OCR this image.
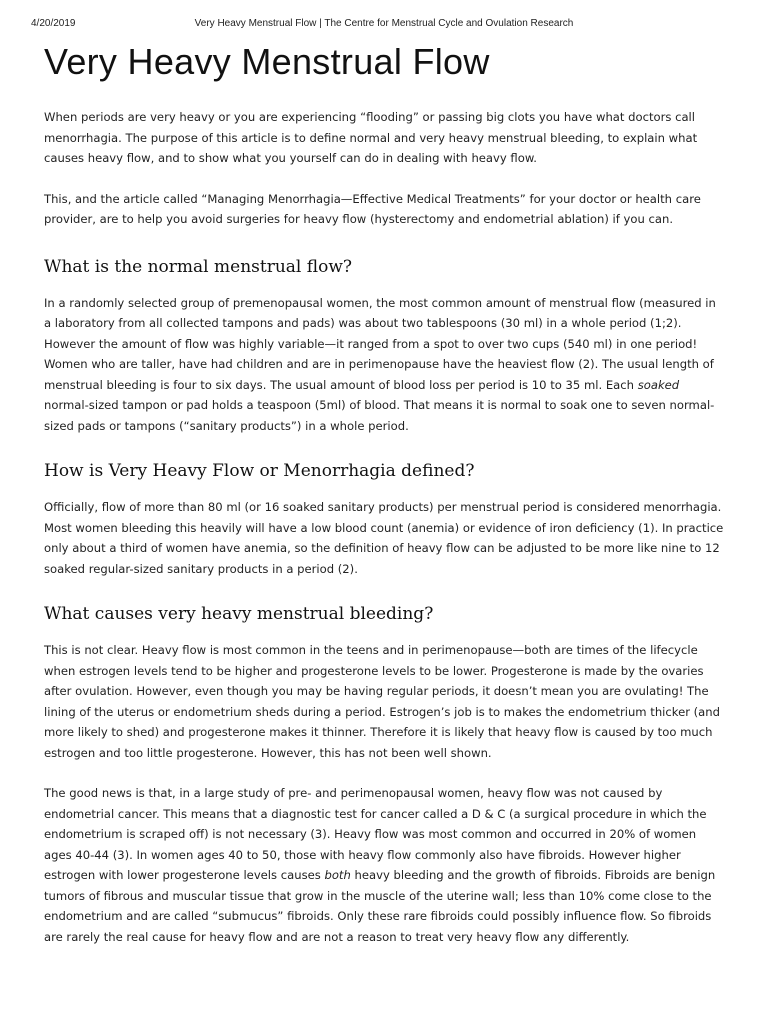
4/20/2019	Very Heavy Menstrual Flow | The Centre for Menstrual Cycle and Ovulation Research
Very Heavy Menstrual Flow

When periods are very heavy or you are experiencing “flooding” or passing big clots you have what doctors call menorrhagia. The purpose of this article is to define normal and very heavy menstrual bleeding, to explain what causes heavy flow, and to show what you yourself can do in dealing with heavy flow.

This, and the article called “Managing Menorrhagia—Effective Medical Treatments” for your doctor or health care provider, are to help you avoid surgeries for heavy flow (hysterectomy and endometrial ablation) if you can.

What is the normal menstrual flow?

In a randomly selected group of premenopausal women, the most common amount of menstrual flow (measured in a laboratory from all collected tampons and pads) was about two tablespoons (30 ml) in a whole period (1;2). However the amount of flow was highly variable—it ranged from a spot to over two cups (540 ml) in one period! Women who are taller, have had children and are in perimenopause have the heaviest flow (2). The usual length of menstrual bleeding is four to six days. The usual amount of blood loss per period is 10 to 35 ml. Each soaked normal-sized tampon or pad holds a teaspoon (5ml) of blood. That means it is normal to soak one to seven normal-sized pads or tampons (“sanitary products”) in a whole period.

How is Very Heavy Flow or Menorrhagia defined?

Officially, flow of more than 80 ml (or 16 soaked sanitary products) per menstrual period is considered menorrhagia. Most women bleeding this heavily will have a low blood count (anemia) or evidence of iron deficiency (1). In practice only about a third of women have anemia, so the definition of heavy flow can be adjusted to be more like nine to 12 soaked regular-sized sanitary products in a period (2).

What causes very heavy menstrual bleeding?

This is not clear. Heavy flow is most common in the teens and in perimenopause—both are times of the lifecycle when estrogen levels tend to be higher and progesterone levels to be lower. Progesterone is made by the ovaries after ovulation. However, even though you may be having regular periods, it doesn’t mean you are ovulating! The lining of the uterus or endometrium sheds during a period. Estrogen’s job is to makes the endometrium thicker (and more likely to shed) and progesterone makes it thinner. Therefore it is likely that heavy flow is caused by too much estrogen and too little progesterone. However, this has not been well shown.

The good news is that, in a large study of pre- and perimenopausal women, heavy flow was not caused by endometrial cancer. This means that a diagnostic test for cancer called a D & C (a surgical procedure in which the endometrium is scraped off) is not necessary (3). Heavy flow was most common and occurred in 20% of women ages 40-44 (3). In women ages 40 to 50, those with heavy flow commonly also have fibroids. However higher estrogen with lower progesterone levels causes both heavy bleeding and the growth of fibroids. Fibroids are benign tumors of fibrous and muscular tissue that grow in the muscle of the uterine wall; less than 10% come close to the endometrium and are called “submucus” fibroids. Only these rare fibroids could possibly influence flow. So fibroids are rarely the real cause for heavy flow and are not a reason to treat very heavy flow any differently.
